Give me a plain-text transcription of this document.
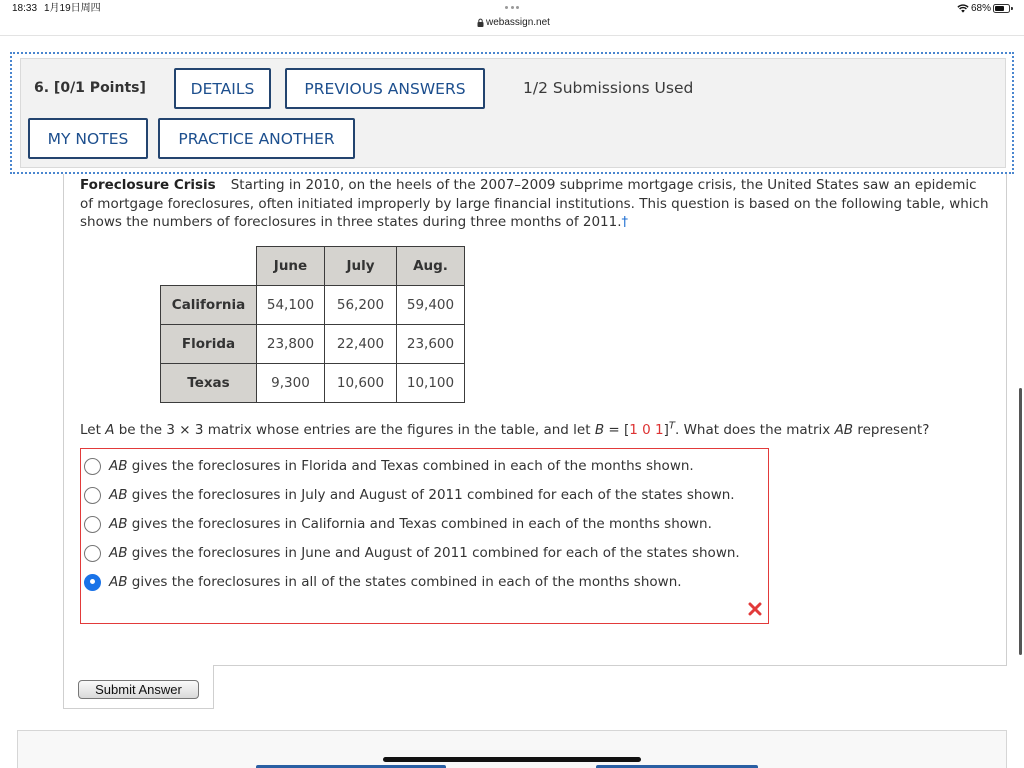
18:33 1月19日周四
webassign.net
68%
6. [0/1 Points]	DETAILS	PREVIOUS ANSWERS	1/2 Submissions Used
MY NOTES	PRACTICE ANOTHER

Foreclosure Crisis Starting in 2010, on the heels of the 2007–2009 subprime mortgage crisis, the United States saw an epidemic of mortgage foreclosures, often initiated improperly by large financial institutions. This question is based on the following table, which shows the numbers of foreclosures in three states during three months of 2011.†

	June	July	Aug.
California	54,100	56,200	59,400
Florida	23,800	22,400	23,600
Texas	9,300	10,600	10,100
Let A be the 3 × 3 matrix whose entries are the figures in the table, and let B = [1 0 1]$^T$. What does the matrix AB represent?
AB gives the foreclosures in Florida and Texas combined in each of the months shown.
AB gives the foreclosures in July and August of 2011 combined for each of the states shown.
AB gives the foreclosures in California and Texas combined in each of the months shown.
AB gives the foreclosures in June and August of 2011 combined for each of the states shown.
AB gives the foreclosures in all of the states combined in each of the months shown.
Submit Answer
